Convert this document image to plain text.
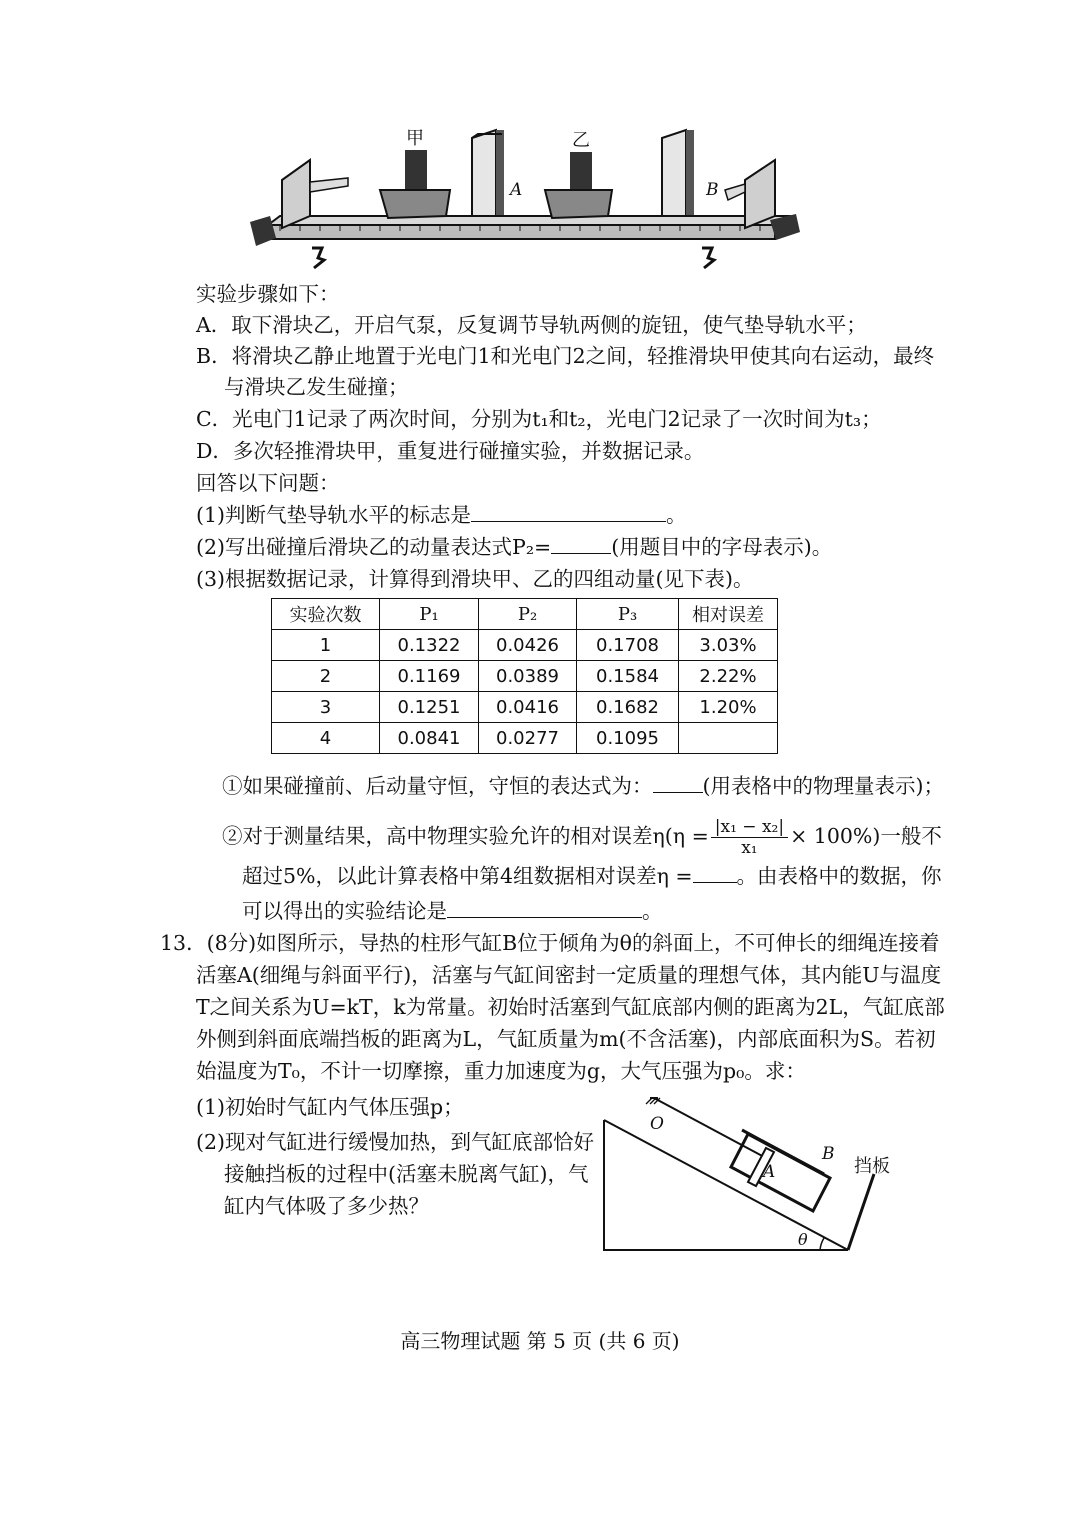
甲	乙
A	B
实验步骤如下：
A．取下滑块乙，开启气泵，反复调节导轨两侧的旋钮，使气垫导轨水平；
B．将滑块乙静止地置于光电门1和光电门2之间，轻推滑块甲使其向右运动，最终
与滑块乙发生碰撞；
C．光电门1记录了两次时间，分别为t₁和t₂，光电门2记录了一次时间为t₃；
D．多次轻推滑块甲，重复进行碰撞实验，并数据记录。
回答以下问题：
(1)判断气垫导轨水平的标志是	。
(2)写出碰撞后滑块乙的动量表达式P₂=	(用题目中的字母表示)。
(3)根据数据记录，计算得到滑块甲、乙的四组动量(见下表)。
实验次数	P₁	P₂	P₃	相对误差
1	0.1322	0.0426	0.1708	3.03%
2	0.1169	0.0389	0.1584	2.22%
3	0.1251	0.0416	0.1682	1.20%
4	0.0841	0.0277	0.1095	
①如果碰撞前、后动量守恒，守恒的表达式为： (用表格中的物理量表示)；
②对于测量结果，高中物理实验允许的相对误差$\eta(\eta = \frac{\text{|x₁ − x₂|}}{\text{x₁}} \times 100\%)$一般不
超过5%，以此计算表格中第4组数据相对误差η = 。由表格中的数据，你
可以得出的实验结论是	。
13．(8分)如图所示，导热的柱形气缸B位于倾角为θ的斜面上，不可伸长的细绳连接着
活塞A(细绳与斜面平行)，活塞与气缸间密封一定质量的理想气体，其内能U与温度
T之间关系为U=kT，k为常量。初始时活塞到气缸底部内侧的距离为2L，气缸底部
外侧到斜面底端挡板的距离为L，气缸质量为m(不含活塞)，内部底面积为S。若初
始温度为T₀，不计一切摩擦，重力加速度为g，大气压强为p₀。求：
(1)初始时气缸内气体压强p；
(2)现对气缸进行缓慢加热，到气缸底部恰好
接触挡板的过程中(活塞未脱离气缸)，气
缸内气体吸了多少热？
O
A
B
挡板
θ
高三物理试题 第 5 页 (共 6 页)
